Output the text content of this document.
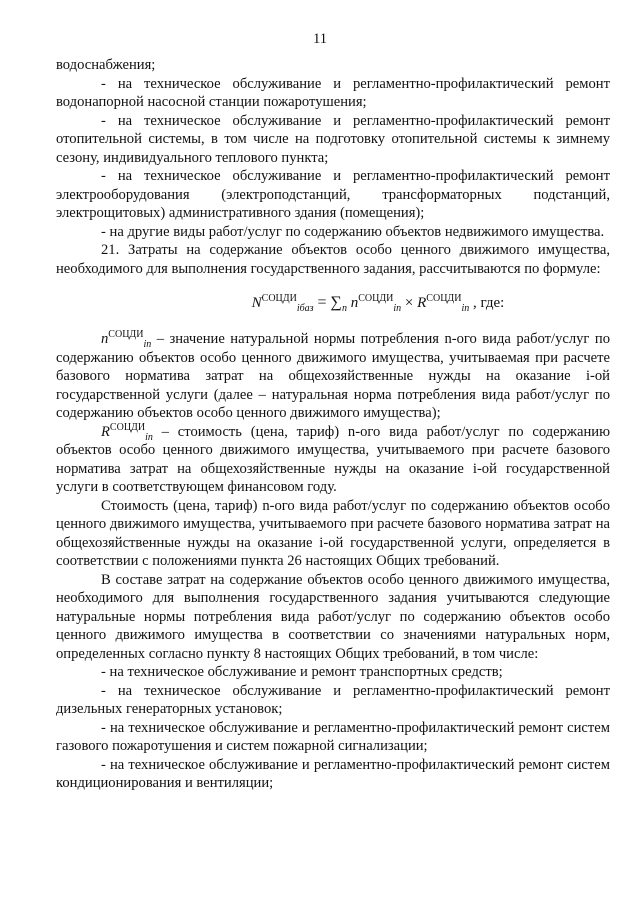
11

водоснабжения;

- на техническое обслуживание и регламентно-профилактический ремонт водонапорной насосной станции пожаротушения;

- на техническое обслуживание и регламентно-профилактический ремонт отопительной системы, в том числе на подготовку отопительной системы к зимнему сезону, индивидуального теплового пункта;

- на техническое обслуживание и регламентно-профилактический ремонт электрооборудования (электроподстанций, трансформаторных подстанций, электрощитовых) административного здания (помещения);

- на другие виды работ/услуг по содержанию объектов недвижимого имущества.

21. Затраты на содержание объектов особо ценного движимого имущества, необходимого для выполнения государственного задания, рассчитываются по формуле:

$N^{СОЦДИ}_{iбаз} = \sum_n$ $n^{СОЦДИ}_{in} \times R^{СОЦДИ}_{in}$ , где:

$n^{СОЦДИ}_{in}$ – значение натуральной нормы потребления n-ого вида работ/услуг по содержанию объектов особо ценного движимого имущества, учитываемая при расчете базового норматива затрат на общехозяйственные нужды на оказание i-ой государственной услуги (далее – натуральная норма потребления вида работ/услуг по содержанию объектов особо ценного движимого имущества);

$R^{СОЦДИ}_{in}$ – стоимость (цена, тариф) n-ого вида работ/услуг по содержанию объектов особо ценного движимого имущества, учитываемого при расчете базового норматива затрат на общехозяйственные нужды на оказание i-ой государственной услуги в соответствующем финансовом году.

Стоимость (цена, тариф) n-ого вида работ/услуг по содержанию объектов особо ценного движимого имущества, учитываемого при расчете базового норматива затрат на общехозяйственные нужды на оказание i-ой государственной услуги, определяется в соответствии с положениями пункта 26 настоящих Общих требований.

В составе затрат на содержание объектов особо ценного движимого имущества, необходимого для выполнения государственного задания учитываются следующие натуральные нормы потребления вида работ/услуг по содержанию объектов особо ценного движимого имущества в соответствии со значениями натуральных норм, определенных согласно пункту 8 настоящих Общих требований, в том числе:

- на техническое обслуживание и ремонт транспортных средств;

- на техническое обслуживание и регламентно-профилактический ремонт дизельных генераторных установок;

- на техническое обслуживание и регламентно-профилактический ремонт систем газового пожаротушения и систем пожарной сигнализации;

- на техническое обслуживание и регламентно-профилактический ремонт систем кондиционирования и вентиляции;
